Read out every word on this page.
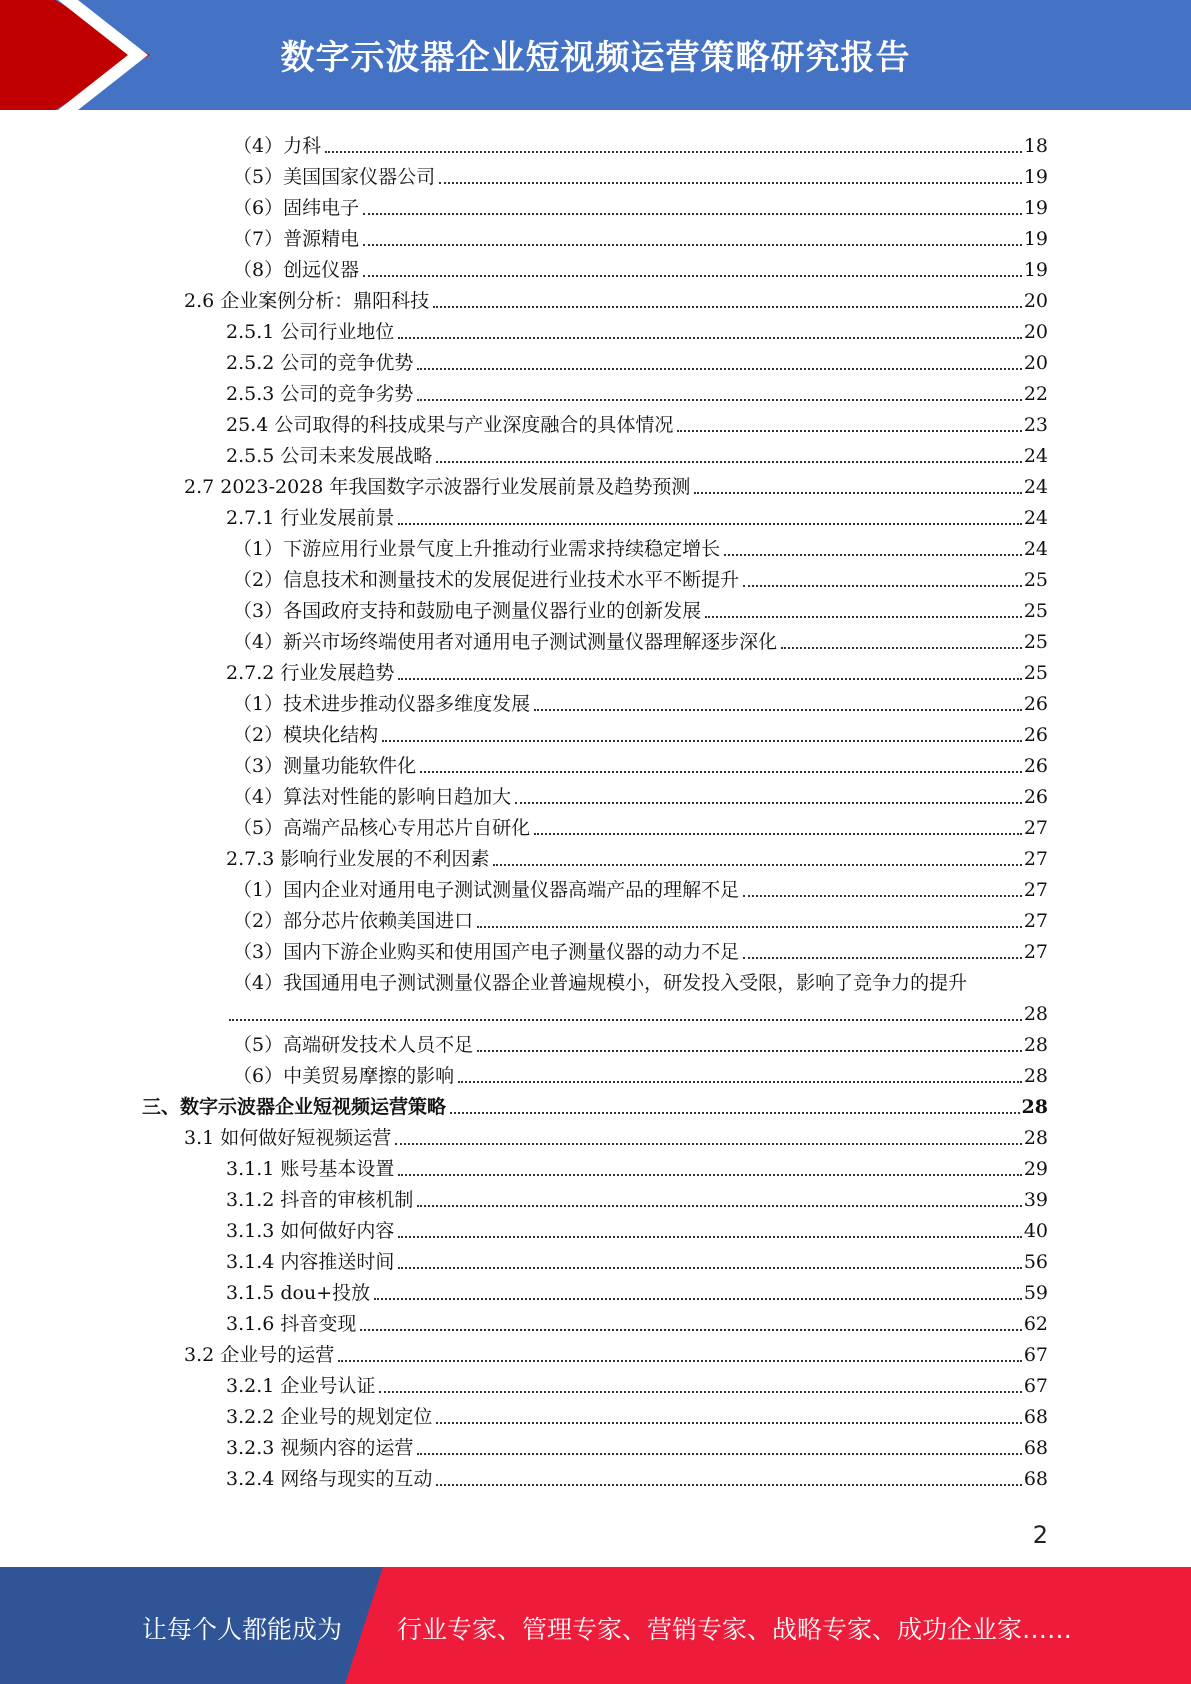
数字示波器企业短视频运营策略研究报告
（4）力科	18
（5）美国国家仪器公司	19
（6）固纬电子	19
（7）普源精电	19
（8）创远仪器	19
2.6 企业案例分析：鼎阳科技	20
2.5.1 公司行业地位	20
2.5.2 公司的竞争优势	20
2.5.3 公司的竞争劣势	22
25.4 公司取得的科技成果与产业深度融合的具体情况	23
2.5.5 公司未来发展战略	24
2.7 2023-2028 年我国数字示波器行业发展前景及趋势预测	24
2.7.1 行业发展前景	24
（1）下游应用行业景气度上升推动行业需求持续稳定增长	24
（2）信息技术和测量技术的发展促进行业技术水平不断提升	25
（3）各国政府支持和鼓励电子测量仪器行业的创新发展	25
（4）新兴市场终端使用者对通用电子测试测量仪器理解逐步深化	25
2.7.2 行业发展趋势	25
（1）技术进步推动仪器多维度发展	26
（2）模块化结构	26
（3）测量功能软件化	26
（4）算法对性能的影响日趋加大	26
（5）高端产品核心专用芯片自研化	27
2.7.3 影响行业发展的不利因素	27
（1）国内企业对通用电子测试测量仪器高端产品的理解不足	27
（2）部分芯片依赖美国进口	27
（3）国内下游企业购买和使用国产电子测量仪器的动力不足	27
（4）我国通用电子测试测量仪器企业普遍规模小，研发投入受限，影响了竞争力的提升
28
（5）高端研发技术人员不足	28
（6）中美贸易摩擦的影响	28
三、数字示波器企业短视频运营策略	28
3.1 如何做好短视频运营	28
3.1.1 账号基本设置	29
3.1.2 抖音的审核机制	39
3.1.3 如何做好内容	40
3.1.4 内容推送时间	56
3.1.5 dou+投放	59
3.1.6 抖音变现	62
3.2 企业号的运营	67
3.2.1 企业号认证	67
3.2.2 企业号的规划定位	68
3.2.3 视频内容的运营	68
3.2.4 网络与现实的互动	68
2
让每个人都能成为 行业专家、管理专家、营销专家、战略专家、成功企业家……
